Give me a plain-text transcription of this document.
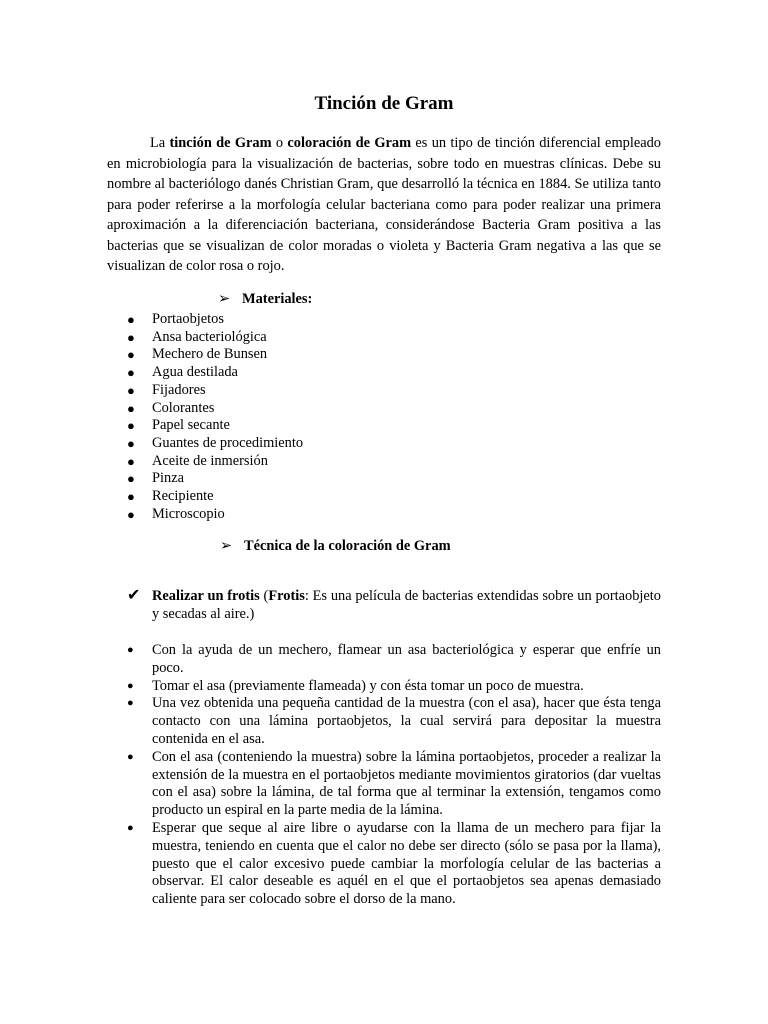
Tinción de Gram

La tinción de Gram o coloración de Gram es un tipo de tinción diferencial empleado en microbiología para la visualización de bacterias, sobre todo en muestras clínicas. Debe su nombre al bacteriólogo danés Christian Gram, que desarrolló la técnica en 1884. Se utiliza tanto para poder referirse a la morfología celular bacteriana como para poder realizar una primera aproximación a la diferenciación bacteriana, considerándose Bacteria Gram positiva a las bacterias que se visualizan de color moradas o violeta y Bacteria Gram negativa a las que se visualizan de color rosa o rojo.

➢ Materiales:
● Portaobjetos
● Ansa bacteriológica
● Mechero de Bunsen
● Agua destilada
● Fijadores
● Colorantes
● Papel secante
● Guantes de procedimiento
● Aceite de inmersión
● Pinza
● Recipiente
● Microscopio
➢ Técnica de la coloración de Gram
✔ Realizar un frotis (Frotis: Es una película de bacterias extendidas sobre un portaobjeto y secadas al aire.)
● Con la ayuda de un mechero, flamear un asa bacteriológica y esperar que enfríe un poco.
● Tomar el asa (previamente flameada) y con ésta tomar un poco de muestra.
● Una vez obtenida una pequeña cantidad de la muestra (con el asa), hacer que ésta tenga contacto con una lámina portaobjetos, la cual servirá para depositar la muestra contenida en el asa.
● Con el asa (conteniendo la muestra) sobre la lámina portaobjetos, proceder a realizar la extensión de la muestra en el portaobjetos mediante movimientos giratorios (dar vueltas con el asa) sobre la lámina, de tal forma que al terminar la extensión, tengamos como producto un espiral en la parte media de la lámina.
● Esperar que seque al aire libre o ayudarse con la llama de un mechero para fijar la muestra, teniendo en cuenta que el calor no debe ser directo (sólo se pasa por la llama), puesto que el calor excesivo puede cambiar la morfología celular de las bacterias a observar. El calor deseable es aquél en el que el portaobjetos sea apenas demasiado caliente para ser colocado sobre el dorso de la mano.
